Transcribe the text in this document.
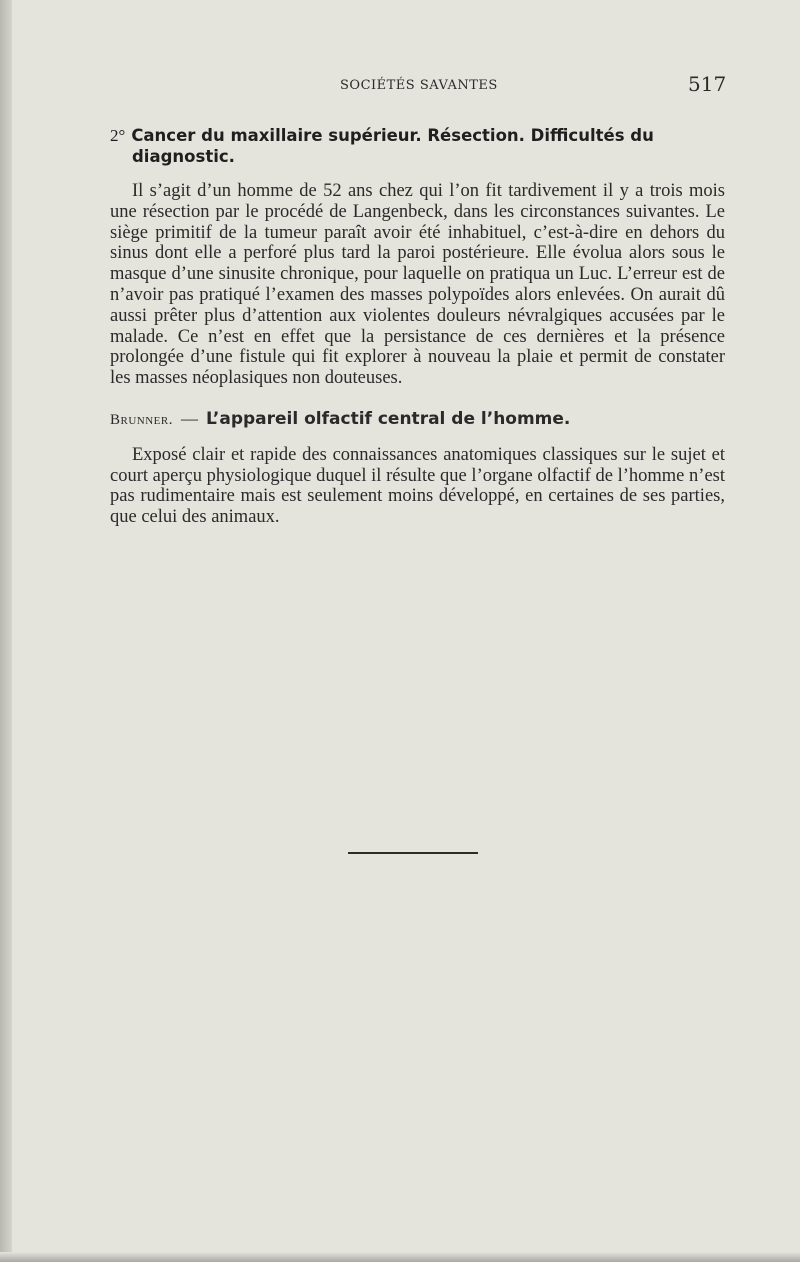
SOCIÉTÉS SAVANTES	517
2° Cancer du maxillaire supérieur. Résection. Difficultés du
diagnostic.

Il s’agit d’un homme de 52 ans chez qui l’on fit tardivement il y a trois mois une résection par le procédé de Langenbeck, dans les circonstances suivantes. Le siège primitif de la tumeur paraît avoir été inhabituel, c’est-à-dire en dehors du sinus dont elle a perforé plus tard la paroi postérieure. Elle évolua alors sous le masque d’une sinusite chronique, pour laquelle on pratiqua un Luc. L’erreur est de n’avoir pas pratiqué l’examen des masses polypoïdes alors enlevées. On aurait dû aussi prêter plus d’attention aux violentes douleurs névralgiques accusées par le malade. Ce n’est en effet que la persistance de ces dernières et la présence prolongée d’une fistule qui fit explorer à nouveau la plaie et permit de constater les masses néoplasiques non douteuses.

Brunner. — L’appareil olfactif central de l’homme.

Exposé clair et rapide des connaissances anatomiques classiques sur le sujet et court aperçu physiologique duquel il résulte que l’organe olfactif de l’homme n’est pas rudimentaire mais est seulement moins développé, en certaines de ses parties, que celui des animaux.
